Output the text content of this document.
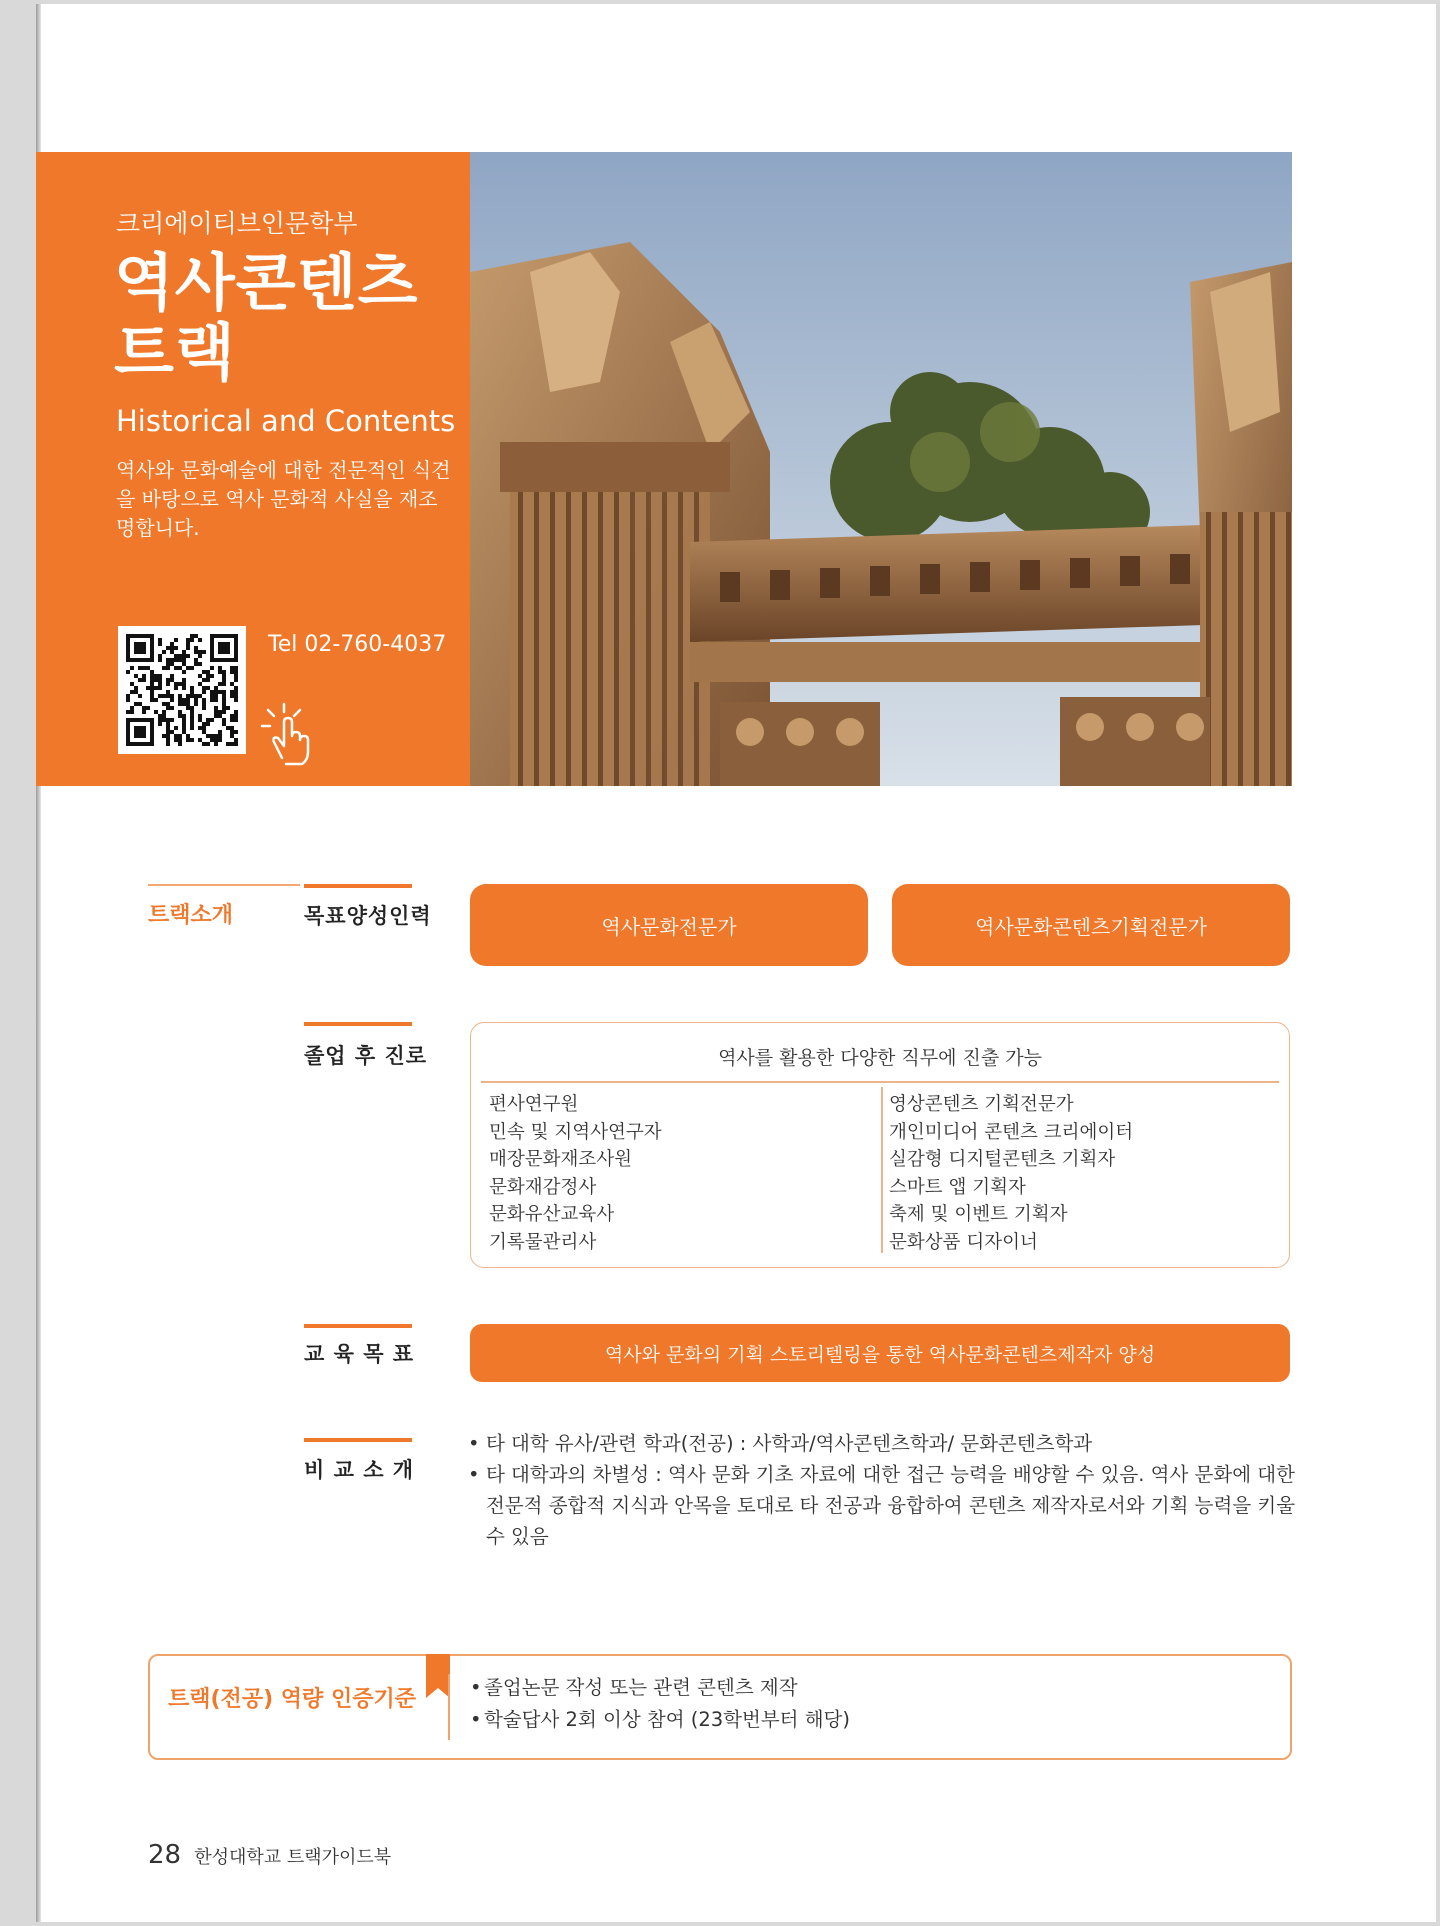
크리에이티브인문학부
역사콘텐츠
트랙
Historical and Contents
역사와 문화예술에 대한 전문적인 식견을 바탕으로 역사 문화적 사실을 재조명합니다.
Tel 02-760-4037
트랙소개	목표양성인력	역사문화전문가	역사문화콘텐츠기획전문가
졸업 후 진로	역사를 활용한 다양한 직무에 진출 가능
편사연구원
민속 및 지역사연구자
매장문화재조사원
문화재감정사
문화유산교육사
기록물관리사
영상콘텐츠 기획전문가
개인미디어 콘텐츠 크리에이터
실감형 디지털콘텐츠 기획자
스마트 앱 기획자
축제 및 이벤트 기획자
문화상품 디자이너
교 육 목 표	역사와 문화의 기획 스토리텔링을 통한 역사문화콘텐츠제작자 양성
비 교 소 개
• 타 대학 유사/관련 학과(전공) : 사학과/역사콘텐츠학과/ 문화콘텐츠학과
• 타 대학과의 차별성 : 역사 문화 기초 자료에 대한 접근 능력을 배양할 수 있음. 역사 문화에 대한 전문적 종합적 지식과 안목을 토대로 타 전공과 융합하여 콘텐츠 제작자로서와 기획 능력을 키울 수 있음
트랙(전공) 역량 인증기준
•	졸업논문 작성 또는 관련 콘텐츠 제작
• 학술답사 2회 이상 참여 (23학번부터 해당)
28 한성대학교 트랙가이드북
